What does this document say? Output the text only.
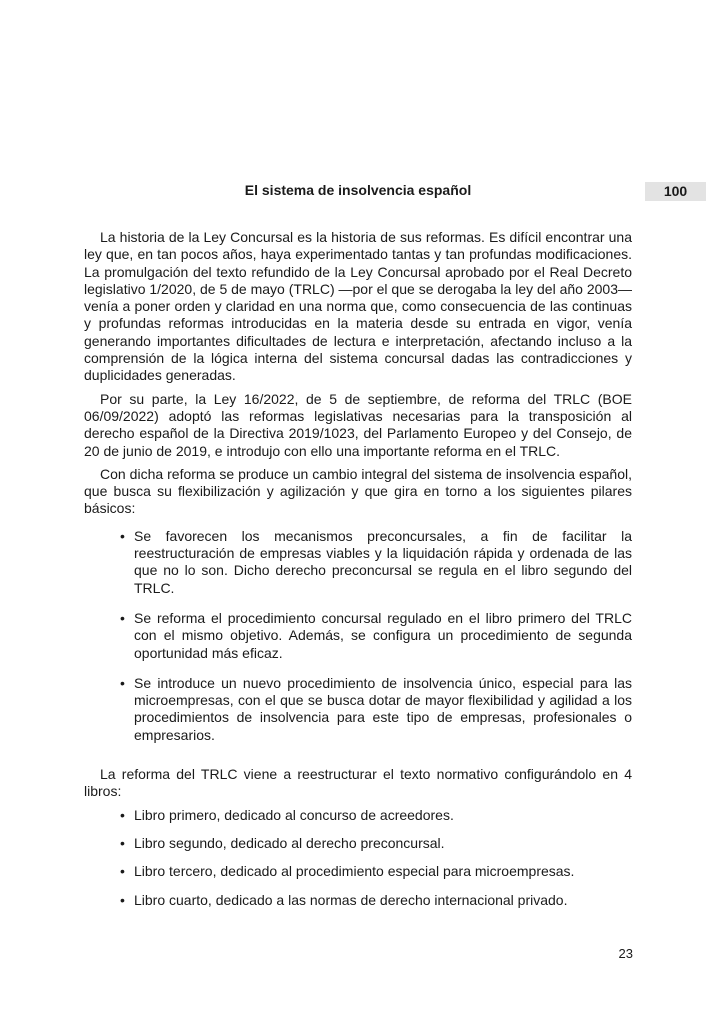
El sistema de insolvencia español	100

La historia de la Ley Concursal es la historia de sus reformas. Es difícil encontrar una ley que, en tan pocos años, haya experimentado tantas y tan profundas modificaciones. La promulgación del texto refundido de la Ley Concursal aprobado por el Real Decreto legislativo 1/2020, de 5 de mayo (TRLC) —por el que se derogaba la ley del año 2003— venía a poner orden y claridad en una norma que, como consecuencia de las continuas y profundas reformas introducidas en la materia desde su entrada en vigor, venía generando importantes dificultades de lectura e interpretación, afectando incluso a la comprensión de la lógica interna del sistema concursal dadas las contradicciones y duplicidades generadas.

Por su parte, la Ley 16/2022, de 5 de septiembre, de reforma del TRLC (BOE 06/09/2022) adoptó las reformas legislativas necesarias para la transposición al derecho español de la Directiva 2019/1023, del Parlamento Europeo y del Consejo, de 20 de junio de 2019, e introdujo con ello una importante reforma en el TRLC.

Con dicha reforma se produce un cambio integral del sistema de insolvencia español, que busca su flexibilización y agilización y que gira en torno a los siguientes pilares básicos:

• Se favorecen los mecanismos preconcursales, a fin de facilitar la reestructuración de empresas viables y la liquidación rápida y ordenada de las que no lo son. Dicho derecho preconcursal se regula en el libro segundo del TRLC.
• Se reforma el procedimiento concursal regulado en el libro primero del TRLC con el mismo objetivo. Además, se configura un procedimiento de segunda oportunidad más eficaz.
• Se introduce un nuevo procedimiento de insolvencia único, especial para las microempresas, con el que se busca dotar de mayor flexibilidad y agilidad a los procedimientos de insolvencia para este tipo de empresas, profesionales o empresarios.

La reforma del TRLC viene a reestructurar el texto normativo configurándolo en 4 libros:

• Libro primero, dedicado al concurso de acreedores.
• Libro segundo, dedicado al derecho preconcursal.
• Libro tercero, dedicado al procedimiento especial para microempresas.
• Libro cuarto, dedicado a las normas de derecho internacional privado.
23
